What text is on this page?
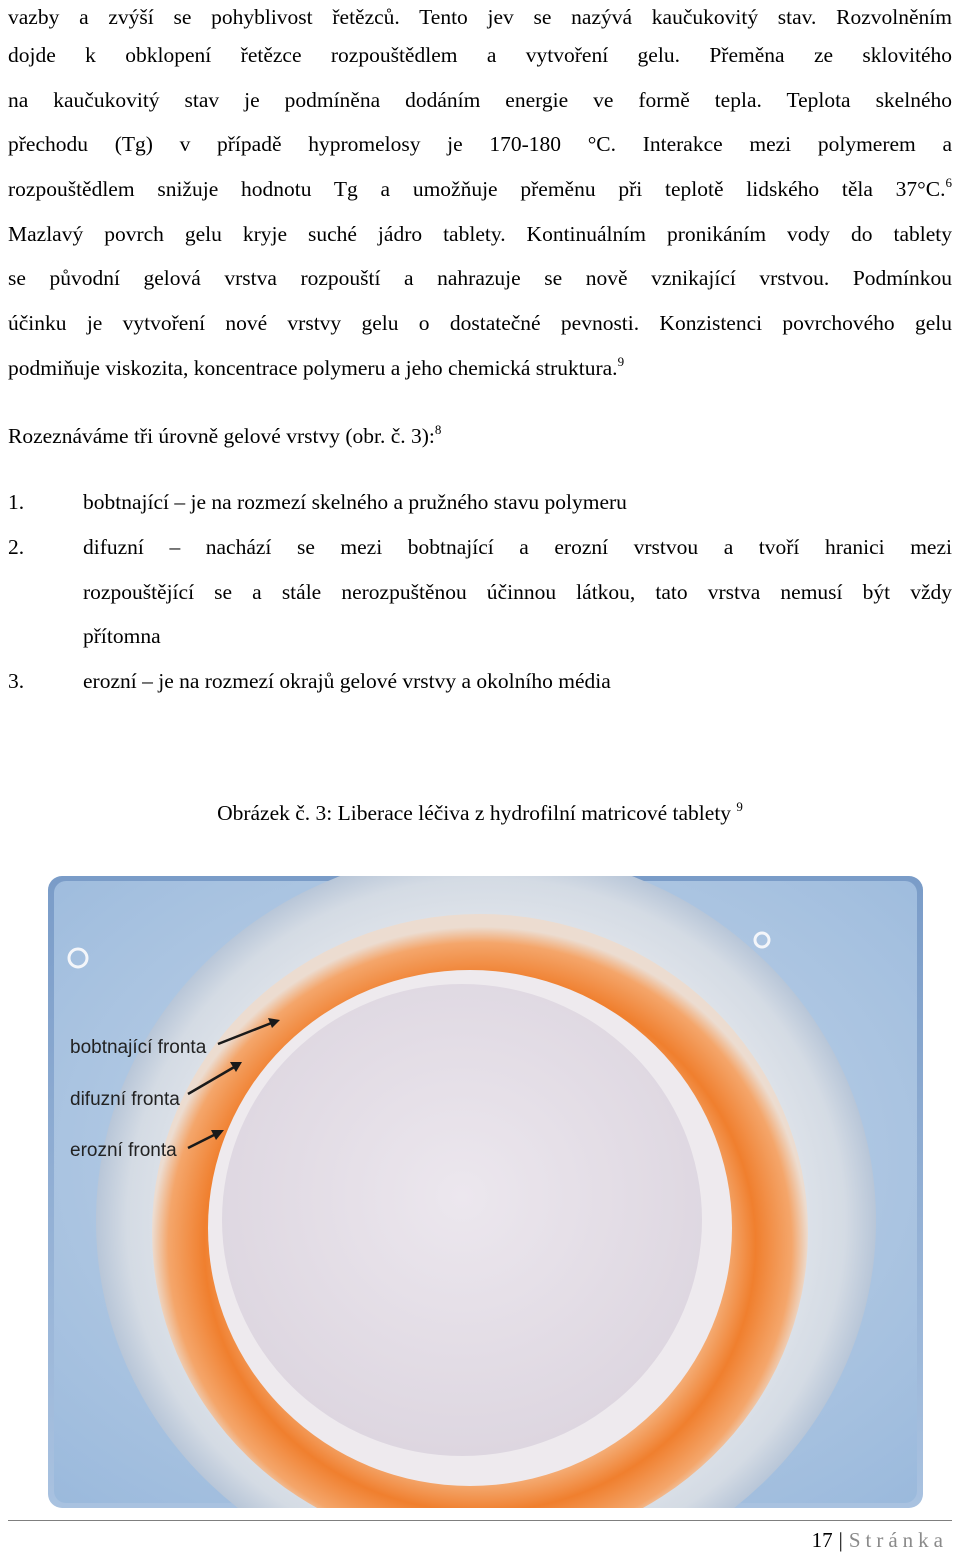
vazby a zvýší se pohyblivost řetězců. Tento jev se nazývá kaučukovitý stav. Rozvolněním
dojde k obklopení řetězce rozpouštědlem a vytvoření gelu. Přeměna ze sklovitého
na kaučukovitý stav je podmíněna dodáním energie ve formě tepla. Teplota skelného
přechodu (Tg) v případě hypromelosy je 170-180 °C. Interakce mezi polymerem a
rozpouštědlem snižuje hodnotu Tg a umožňuje přeměnu při teplotě lidského těla 37°C.$^6$
Mazlavý povrch gelu kryje suché jádro tablety. Kontinuálním pronikáním vody do tablety
se původní gelová vrstva rozpouští a nahrazuje se nově vznikající vrstvou. Podmínkou
účinku je vytvoření nové vrstvy gelu o dostatečné pevnosti. Konzistenci povrchového gelu
podmiňuje viskozita, koncentrace polymeru a jeho chemická struktura.$^9$
Rozeznáváme tři úrovně gelové vrstvy (obr. č. 3):$^8$
1.	bobtnající – je na rozmezí skelného a pružného stavu polymeru
2.	difuzní – nachází se mezi bobtnající a erozní vrstvou a tvoří hranici mezi
rozpouštějící se a stále nerozpuštěnou účinnou látkou, tato vrstva nemusí být vždy
přítomna
3.	erozní – je na rozmezí okrajů gelové vrstvy a okolního média
Obrázek č. 3: Liberace léčiva z hydrofilní matricové tablety $^9$
bobtnající fronta
difuzní fronta
erozní fronta
17 | Stránka
